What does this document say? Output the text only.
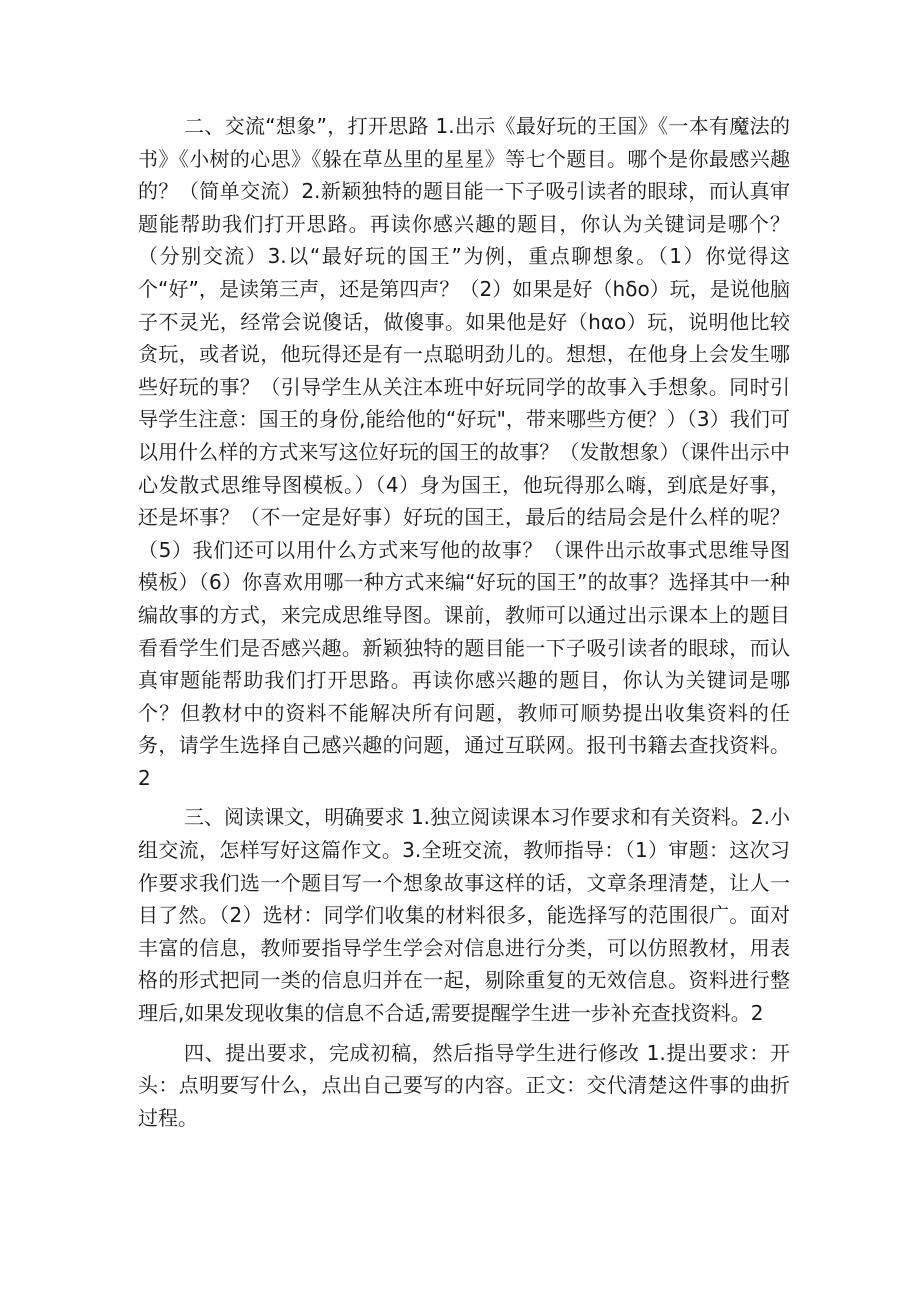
二、交流“想象”，打开思路 1.出示《最好玩的王国》《一本有魔法的书》《小树的心思》《躲在草丛里的星星》等七个题目。哪个是你最感兴趣的？（简单交流）2.新颖独特的题目能一下子吸引读者的眼球，而认真审题能帮助我们打开思路。再读你感兴趣的题目，你认为关键词是哪个？（分别交流）3.以“最好玩的国王”为例，重点聊想象。（1）你觉得这个“好”，是读第三声，还是第四声？（2）如果是好（hδo）玩，是说他脑子不灵光，经常会说傻话，做傻事。如果他是好（hαo）玩，说明他比较贪玩，或者说，他玩得还是有一点聪明劲儿的。想想，在他身上会发生哪些好玩的事？（引导学生从关注本班中好玩同学的故事入手想象。同时引导学生注意：国王的身份,能给他的“好玩"，带来哪些方便？）（3）我们可以用什么样的方式来写这位好玩的国王的故事？（发散想象）（课件出示中心发散式思维导图模板。）（4）身为国王，他玩得那么嗨，到底是好事，还是坏事？（不一定是好事）好玩的国王，最后的结局会是什么样的呢？（5）我们还可以用什么方式来写他的故事？（课件出示故事式思维导图模板）（6）你喜欢用哪一种方式来编“好玩的国王”的故事？选择其中一种编故事的方式，来完成思维导图。课前，教师可以通过出示课本上的题目看看学生们是否感兴趣。新颖独特的题目能一下子吸引读者的眼球，而认真审题能帮助我们打开思路。再读你感兴趣的题目，你认为关键词是哪个？但教材中的资料不能解决所有问题，教师可顺势提出收集资料的任务，请学生选择自己感兴趣的问题，通过互联网。报刊书籍去查找资料。2

三、阅读课文，明确要求 1.独立阅读课本习作要求和有关资料。2.小组交流，怎样写好这篇作文。3.全班交流，教师指导：（1）审题：这次习作要求我们选一个题目写一个想象故事这样的话，文章条理清楚，让人一目了然。（2）选材：同学们收集的材料很多，能选择写的范围很广。面对丰富的信息，教师要指导学生学会对信息进行分类，可以仿照教材，用表格的形式把同一类的信息归并在一起，剔除重复的无效信息。资料进行整理后,如果发现收集的信息不合适,需要提醒学生进一步补充查找资料。2

四、提出要求，完成初稿，然后指导学生进行修改 1.提出要求：开头：点明要写什么，点出自己要写的内容。正文：交代清楚这件事的曲折过程。
